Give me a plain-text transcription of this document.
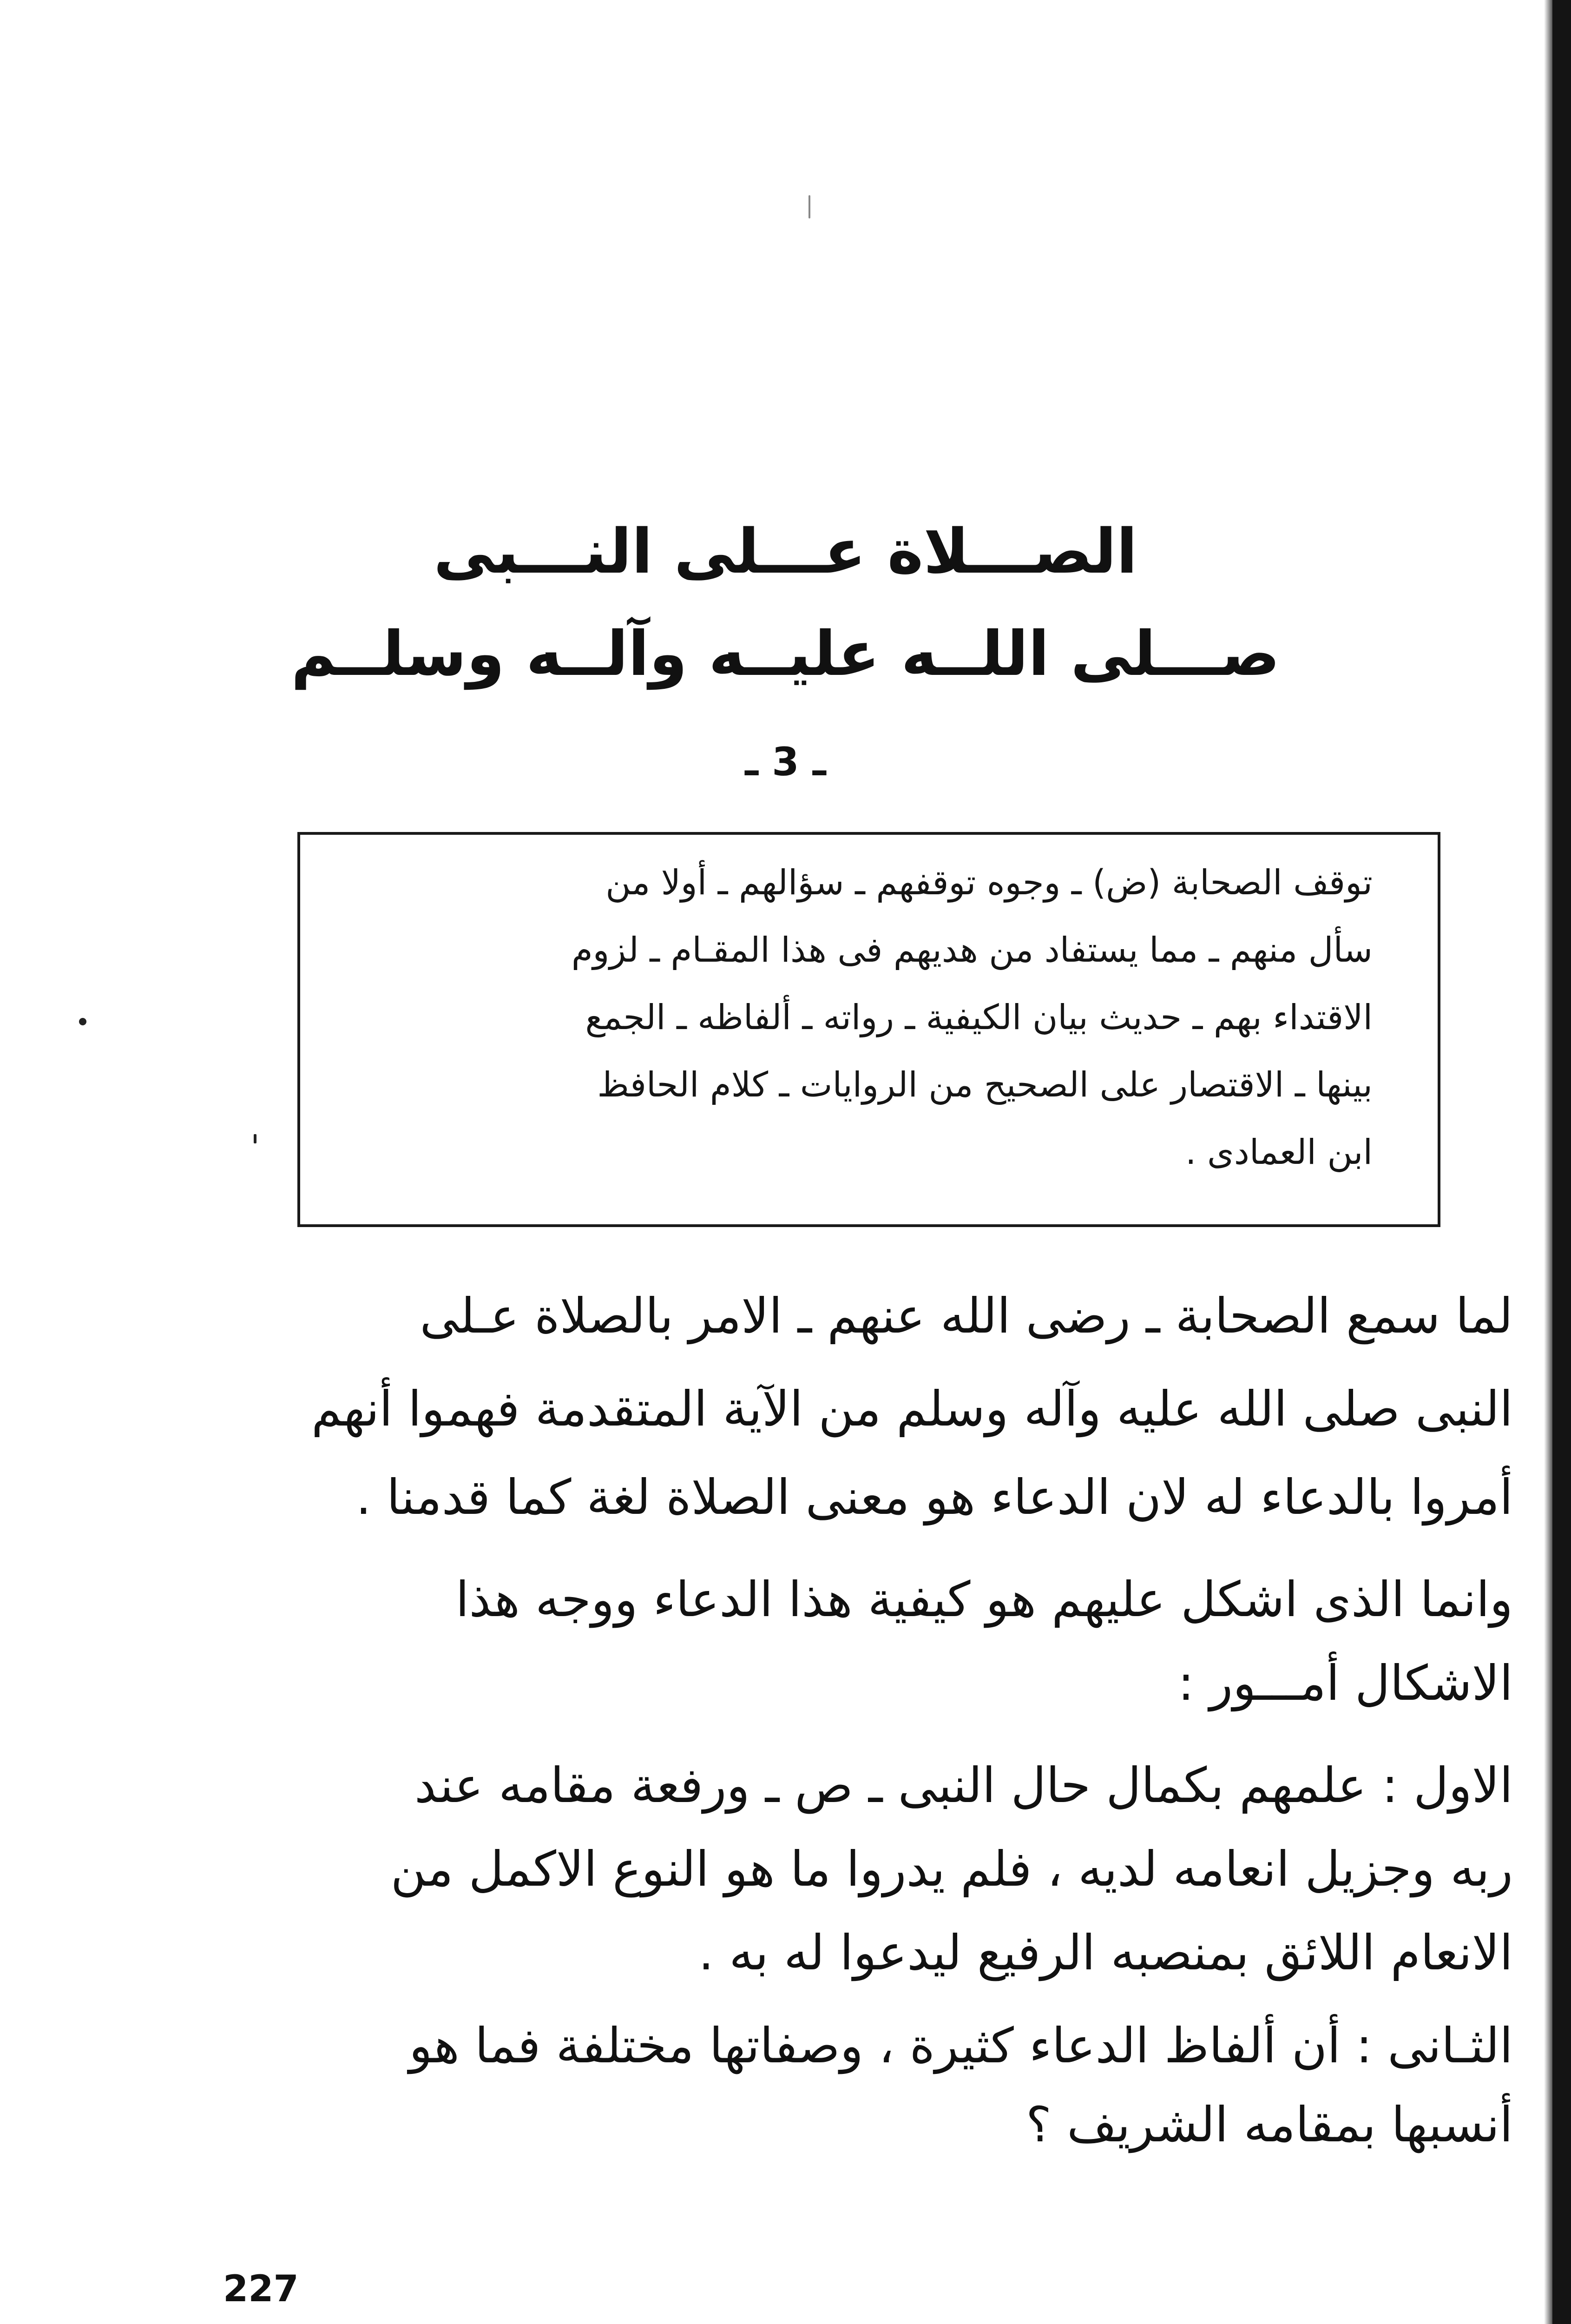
الصـــلاة عـــلى النـــبى
صـــلى اللــه عليــه وآلــه وسلــم
ـ 3 ـ
توقف الصحابة (ض) ـ وجوه توقفهم ـ سؤالهم ـ أولا من
سأل منهم ـ مما يستفاد من هديهم فى هذا المقـام ـ لزوم
الاقتداء بهم ـ حديث بيان الكيفية ـ رواته ـ ألفاظه ـ الجمع
بينها ـ الاقتصار على الصحيح من الروايات ـ كلام الحافظ
ابن العمادى .
لما سمع الصحابة ـ رضى الله عنهم ـ الامر بالصلاة عـلى
النبى صلى الله عليه وآله وسلم من الآية المتقدمة فهموا أنهم
أمروا بالدعاء له لان الدعاء هو معنى الصلاة لغة كما قدمنا .
وانما الذى اشكل عليهم هو كيفية هذا الدعاء ووجه هذا
الاشكال أمـــور :
الاول : علمهم بكمال حال النبى ـ ص ـ ورفعة مقامه عند
ربه وجزيل انعامه لديه ، فلم يدروا ما هو النوع الاكمل من
الانعام اللائق بمنصبه الرفيع ليدعوا له به .
الثـانى : أن ألفاظ الدعاء كثيرة ، وصفاتها مختلفة فما هو
أنسبها بمقامه الشريف ؟
227
